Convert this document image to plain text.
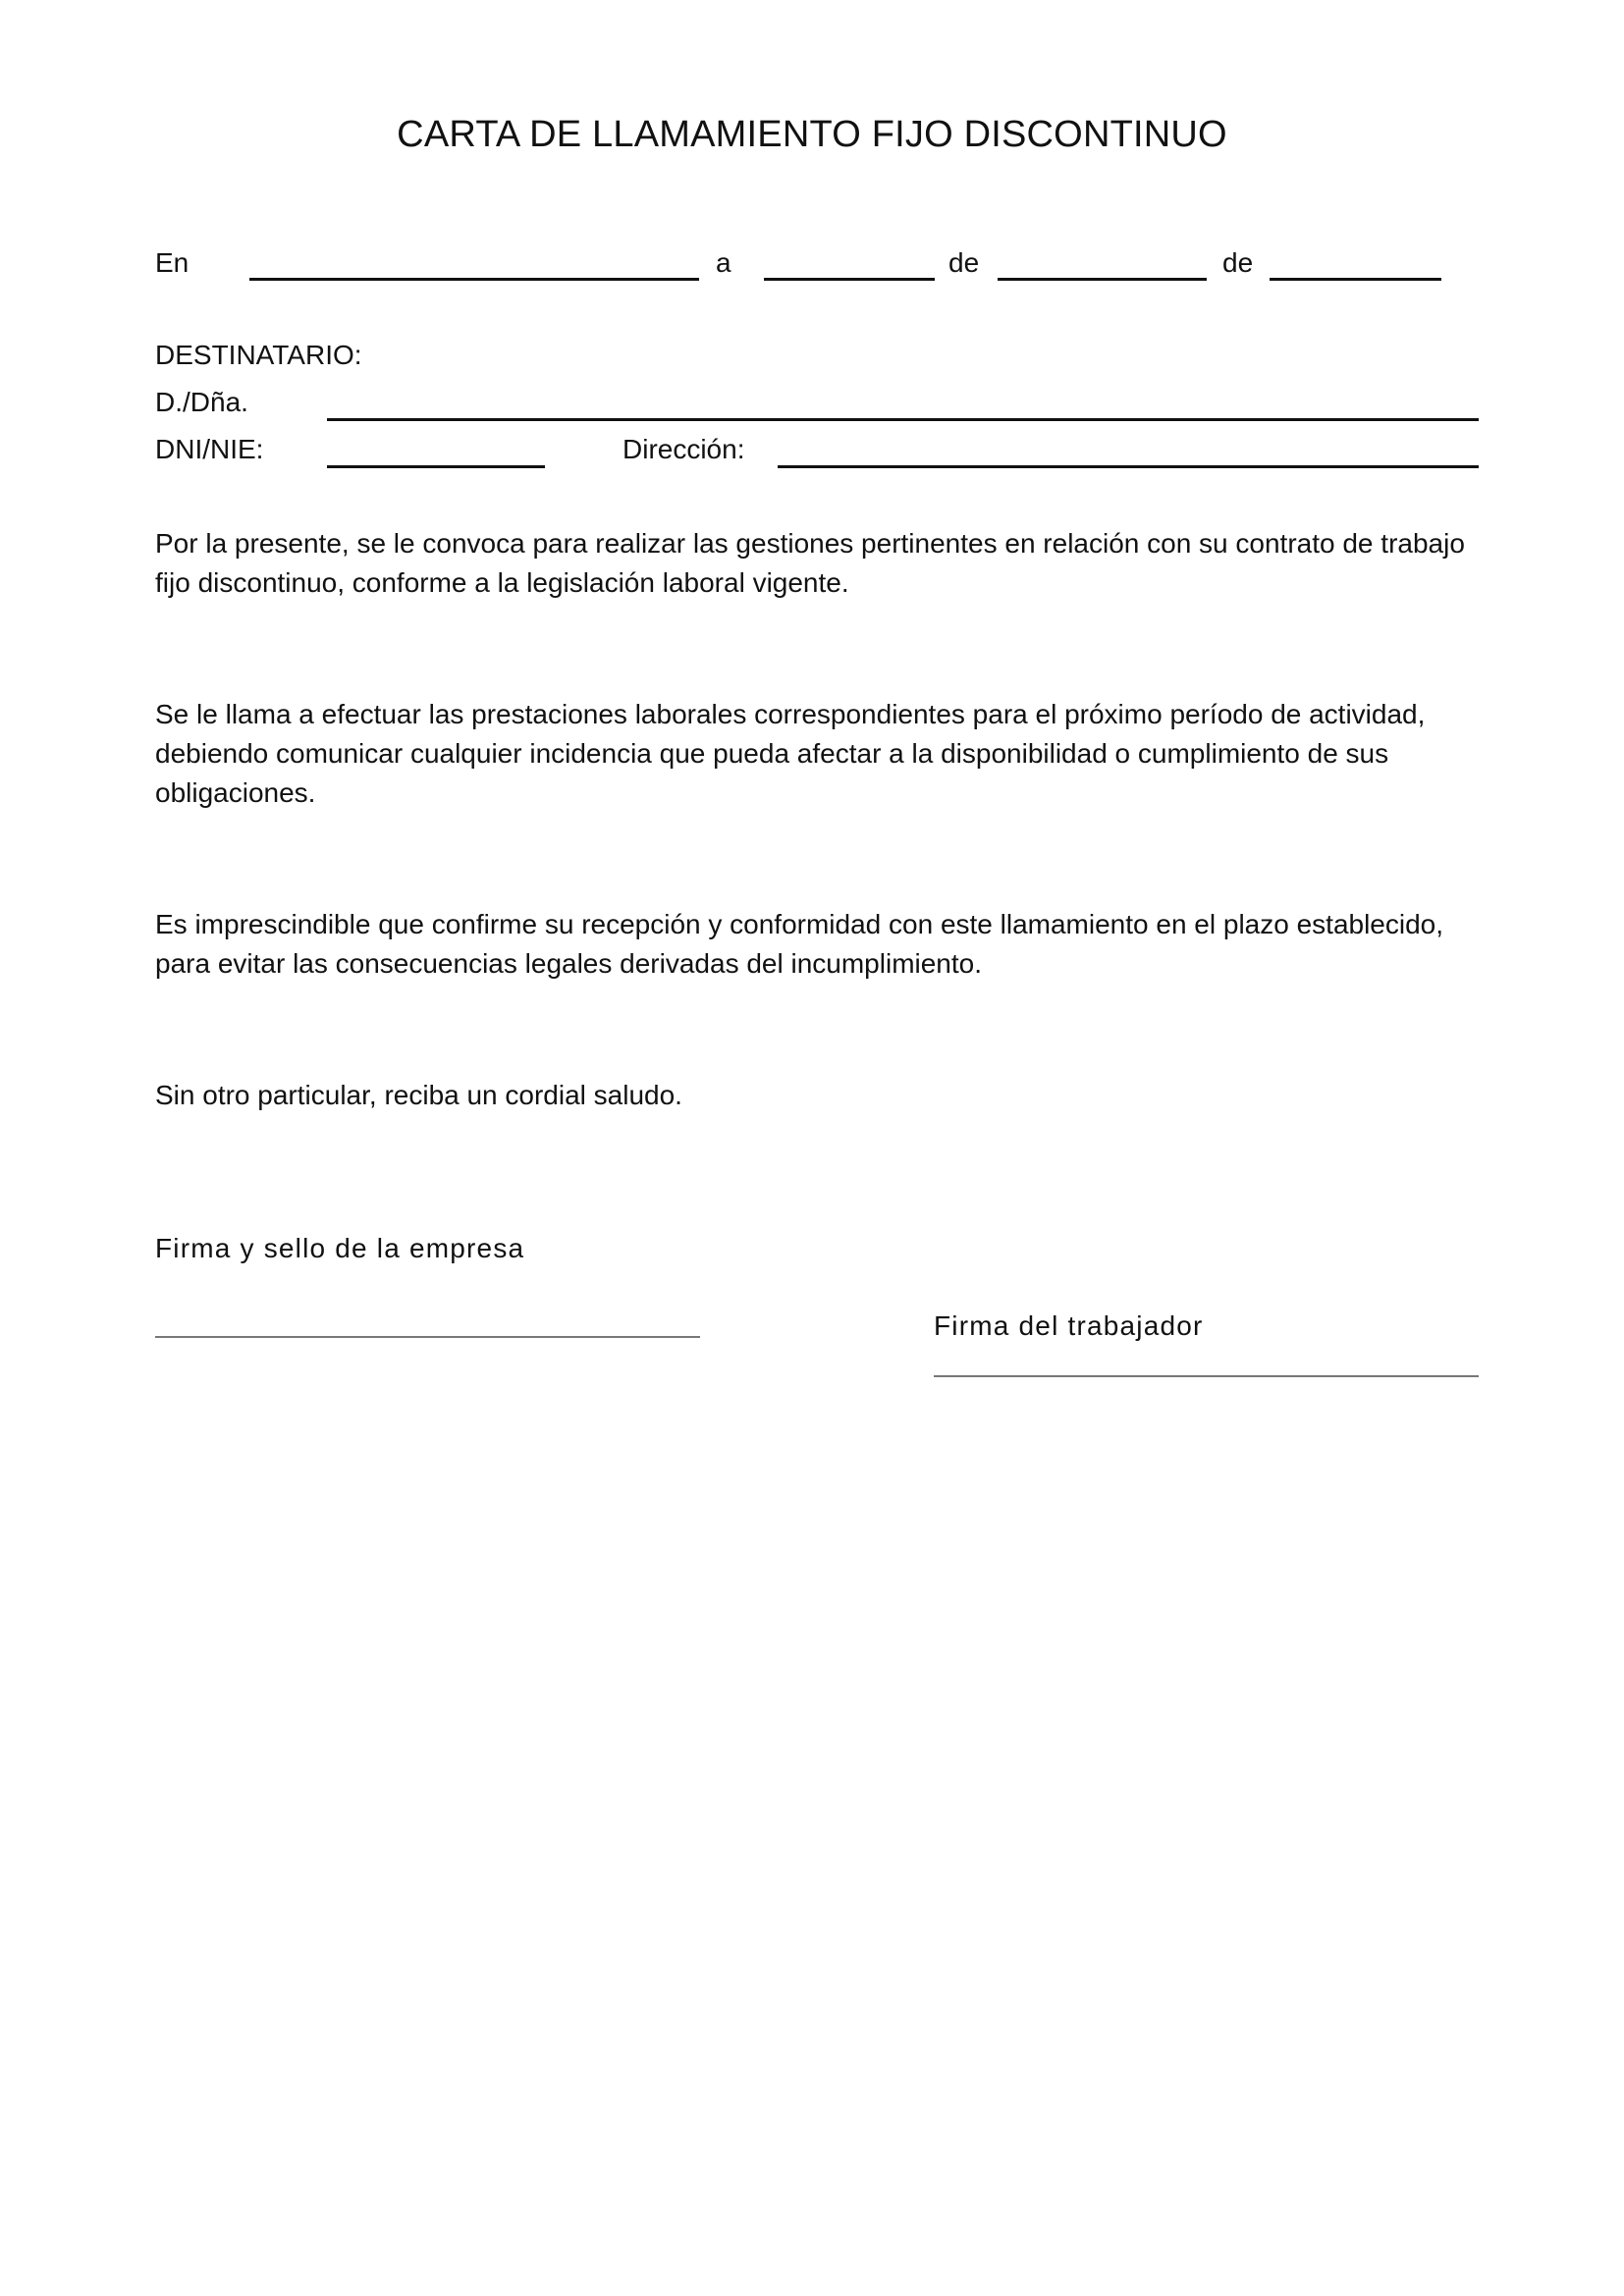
CARTA DE LLAMAMIENTO FIJO DISCONTINUO
En	a	de	de
DESTINATARIO:
D./Dña.
DNI/NIE:	Dirección:
Por la presente, se le convoca para realizar las gestiones pertinentes en relación con su contrato de trabajo fijo discontinuo, conforme a la legislación laboral vigente.
Se le llama a efectuar las prestaciones laborales correspondientes para el próximo período de actividad, debiendo comunicar cualquier incidencia que pueda afectar a la disponibilidad o cumplimiento de sus obligaciones.
Es imprescindible que confirme su recepción y conformidad con este llamamiento en el plazo establecido, para evitar las consecuencias legales derivadas del incumplimiento.
Sin otro particular, reciba un cordial saludo.
Firma y sello de la empresa
Firma del trabajador
